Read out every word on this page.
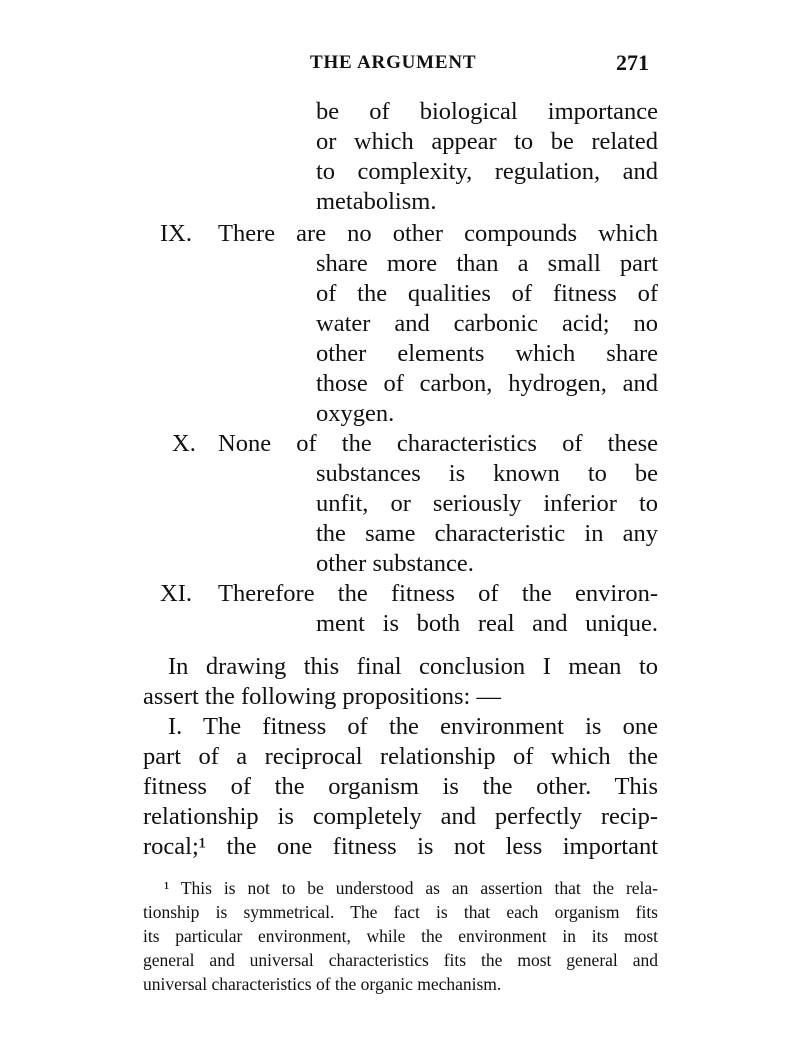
THE ARGUMENT	271
be of biological importance
or which appear to be related
to complexity, regulation, and
metabolism.
IX. There are no other compounds which
share more than a small part
of the qualities of fitness of
water and carbonic acid; no
other elements which share
those of carbon, hydrogen, and
oxygen.
X. None of the characteristics of these
substances is known to be
unfit, or seriously inferior to
the same characteristic in any
other substance.
XI. Therefore the fitness of the environ-
ment is both real and unique.
In drawing this final conclusion I mean to
assert the following propositions: —
I. The fitness of the environment is one
part of a reciprocal relationship of which the
fitness of the organism is the other. This
relationship is completely and perfectly recip-
rocal;¹ the one fitness is not less important
¹ This is not to be understood as an assertion that the rela-
tionship is symmetrical. The fact is that each organism fits
its particular environment, while the environment in its most
general and universal characteristics fits the most general and
universal characteristics of the organic mechanism.
